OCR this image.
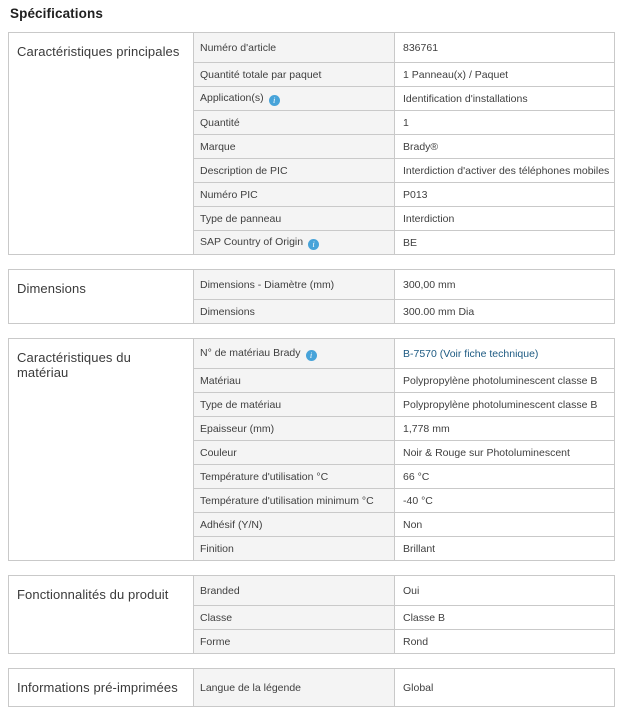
Spécifications
Caractéristiques principales	Numéro d'article	836761
	Quantité totale par paquet	1 Panneau(x) / Paquet
	Application(s) i	Identification d'installations
	Quantité	1
	Marque	Brady®
	Description de PIC	Interdiction d'activer des téléphones mobiles
	Numéro PIC	P013
	Type de panneau	Interdiction
	SAP Country of Origin i	BE
Dimensions	Dimensions - Diamètre (mm)	300,00 mm
	Dimensions	300.00 mm Dia
Caractéristiques du matériau	N° de matériau Brady i	B-7570 (Voir fiche technique)
	Matériau	Polypropylène photoluminescent classe B
	Type de matériau	Polypropylène photoluminescent classe B
	Epaisseur (mm)	1,778 mm
	Couleur	Noir & Rouge sur Photoluminescent
	Température d'utilisation °C	66 °C
	Température d'utilisation minimum °C	-40 °C
	Adhésif (Y/N)	Non
	Finition	Brillant
Fonctionnalités du produit	Branded	Oui
	Classe	Classe B
	Forme	Rond
Informations pré-imprimées	Langue de la légende	Global
